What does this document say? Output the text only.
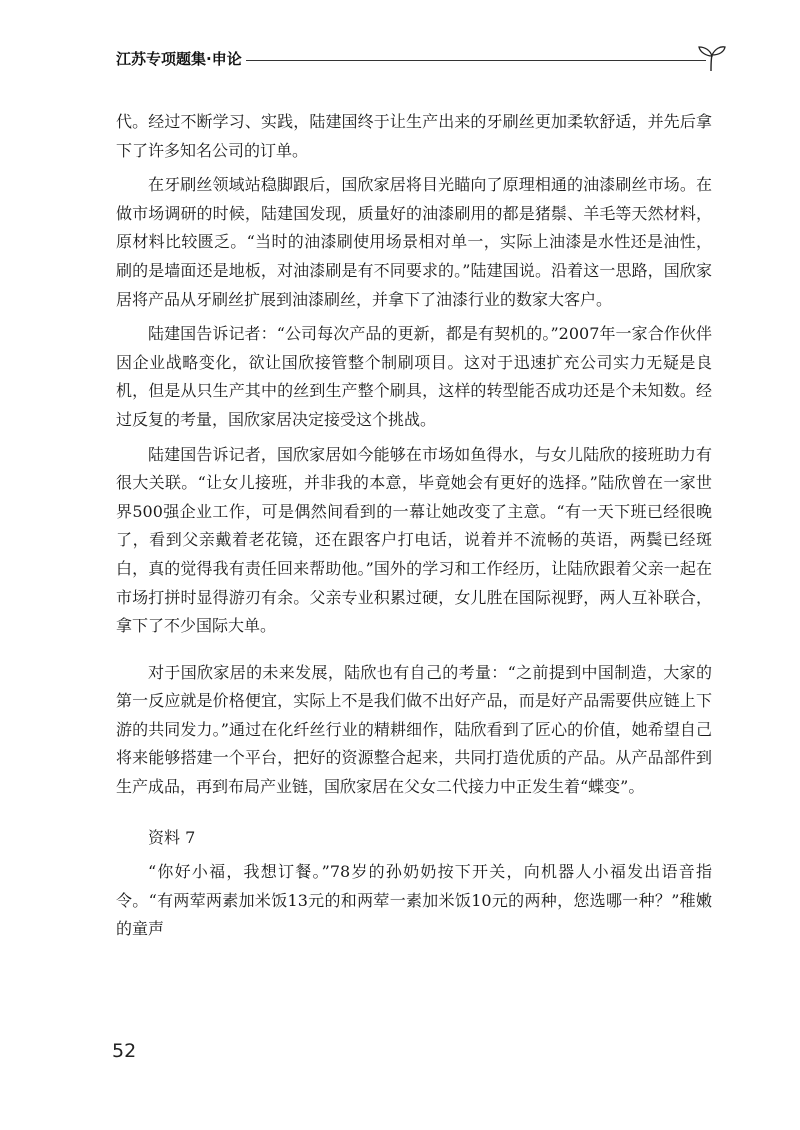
江苏专项题集·申论

代。经过不断学习、实践，陆建国终于让生产出来的牙刷丝更加柔软舒适，并先后拿下了许多知名公司的订单。

在牙刷丝领域站稳脚跟后，国欣家居将目光瞄向了原理相通的油漆刷丝市场。在做市场调研的时候，陆建国发现，质量好的油漆刷用的都是猪鬃、羊毛等天然材料，原材料比较匮乏。“当时的油漆刷使用场景相对单一，实际上油漆是水性还是油性，刷的是墙面还是地板，对油漆刷是有不同要求的。”陆建国说。沿着这一思路，国欣家居将产品从牙刷丝扩展到油漆刷丝，并拿下了油漆行业的数家大客户。

陆建国告诉记者：“公司每次产品的更新，都是有契机的。”2007年一家合作伙伴因企业战略变化，欲让国欣接管整个制刷项目。这对于迅速扩充公司实力无疑是良机，但是从只生产其中的丝到生产整个刷具，这样的转型能否成功还是个未知数。经过反复的考量，国欣家居决定接受这个挑战。

陆建国告诉记者，国欣家居如今能够在市场如鱼得水，与女儿陆欣的接班助力有很大关联。“让女儿接班，并非我的本意，毕竟她会有更好的选择。”陆欣曾在一家世界500强企业工作，可是偶然间看到的一幕让她改变了主意。“有一天下班已经很晚了，看到父亲戴着老花镜，还在跟客户打电话，说着并不流畅的英语，两鬓已经斑白，真的觉得我有责任回来帮助他。”国外的学习和工作经历，让陆欣跟着父亲一起在市场打拼时显得游刃有余。父亲专业积累过硬，女儿胜在国际视野，两人互补联合，拿下了不少国际大单。

对于国欣家居的未来发展，陆欣也有自己的考量：“之前提到中国制造，大家的第一反应就是价格便宜，实际上不是我们做不出好产品，而是好产品需要供应链上下游的共同发力。”通过在化纤丝行业的精耕细作，陆欣看到了匠心的价值，她希望自己将来能够搭建一个平台，把好的资源整合起来，共同打造优质的产品。从产品部件到生产成品，再到布局产业链，国欣家居在父女二代接力中正发生着“蝶变”。

资料 7

“你好小福，我想订餐。”78岁的孙奶奶按下开关，向机器人小福发出语音指令。“有两荤两素加米饭13元的和两荤一素加米饭10元的两种，您选哪一种？”稚嫩的童声

52
